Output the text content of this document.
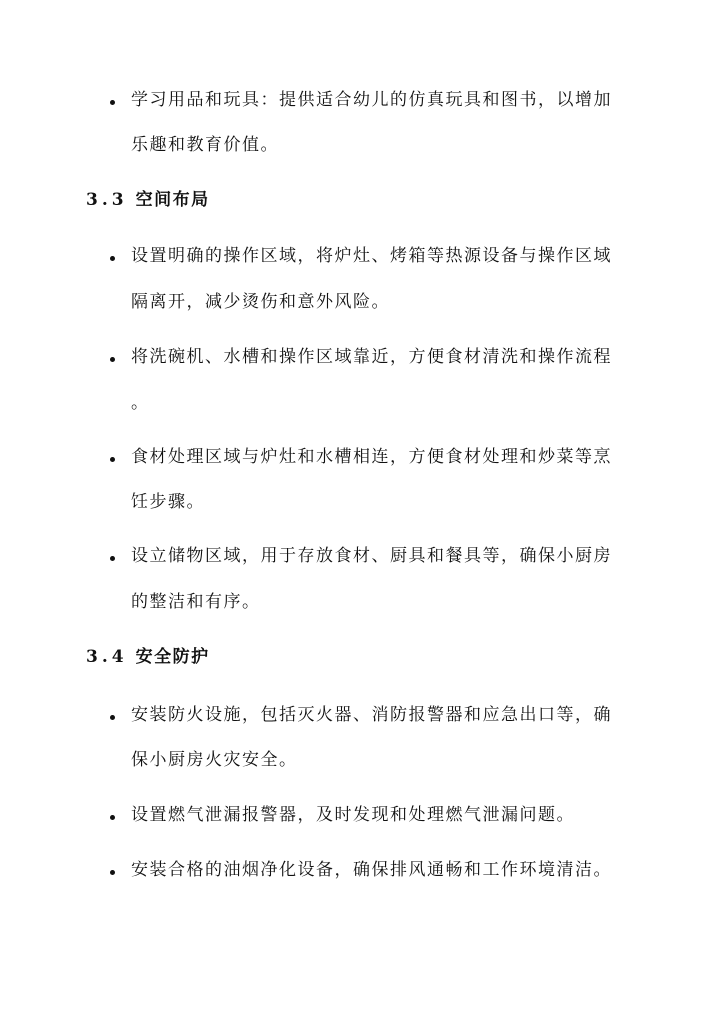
学习用品和玩具：提供适合幼儿的仿真玩具和图书，以增加
乐趣和教育价值。
3.3 空间布局
设置明确的操作区域，将炉灶、烤箱等热源设备与操作区域
隔离开，减少烫伤和意外风险。
将洗碗机、水槽和操作区域靠近，方便食材清洗和操作流程
。
食材处理区域与炉灶和水槽相连，方便食材处理和炒菜等烹
饪步骤。
设立储物区域，用于存放食材、厨具和餐具等，确保小厨房
的整洁和有序。
3.4 安全防护
安装防火设施，包括灭火器、消防报警器和应急出口等，确
保小厨房火灾安全。
设置燃气泄漏报警器，及时发现和处理燃气泄漏问题。
安装合格的油烟净化设备，确保排风通畅和工作环境清洁。
